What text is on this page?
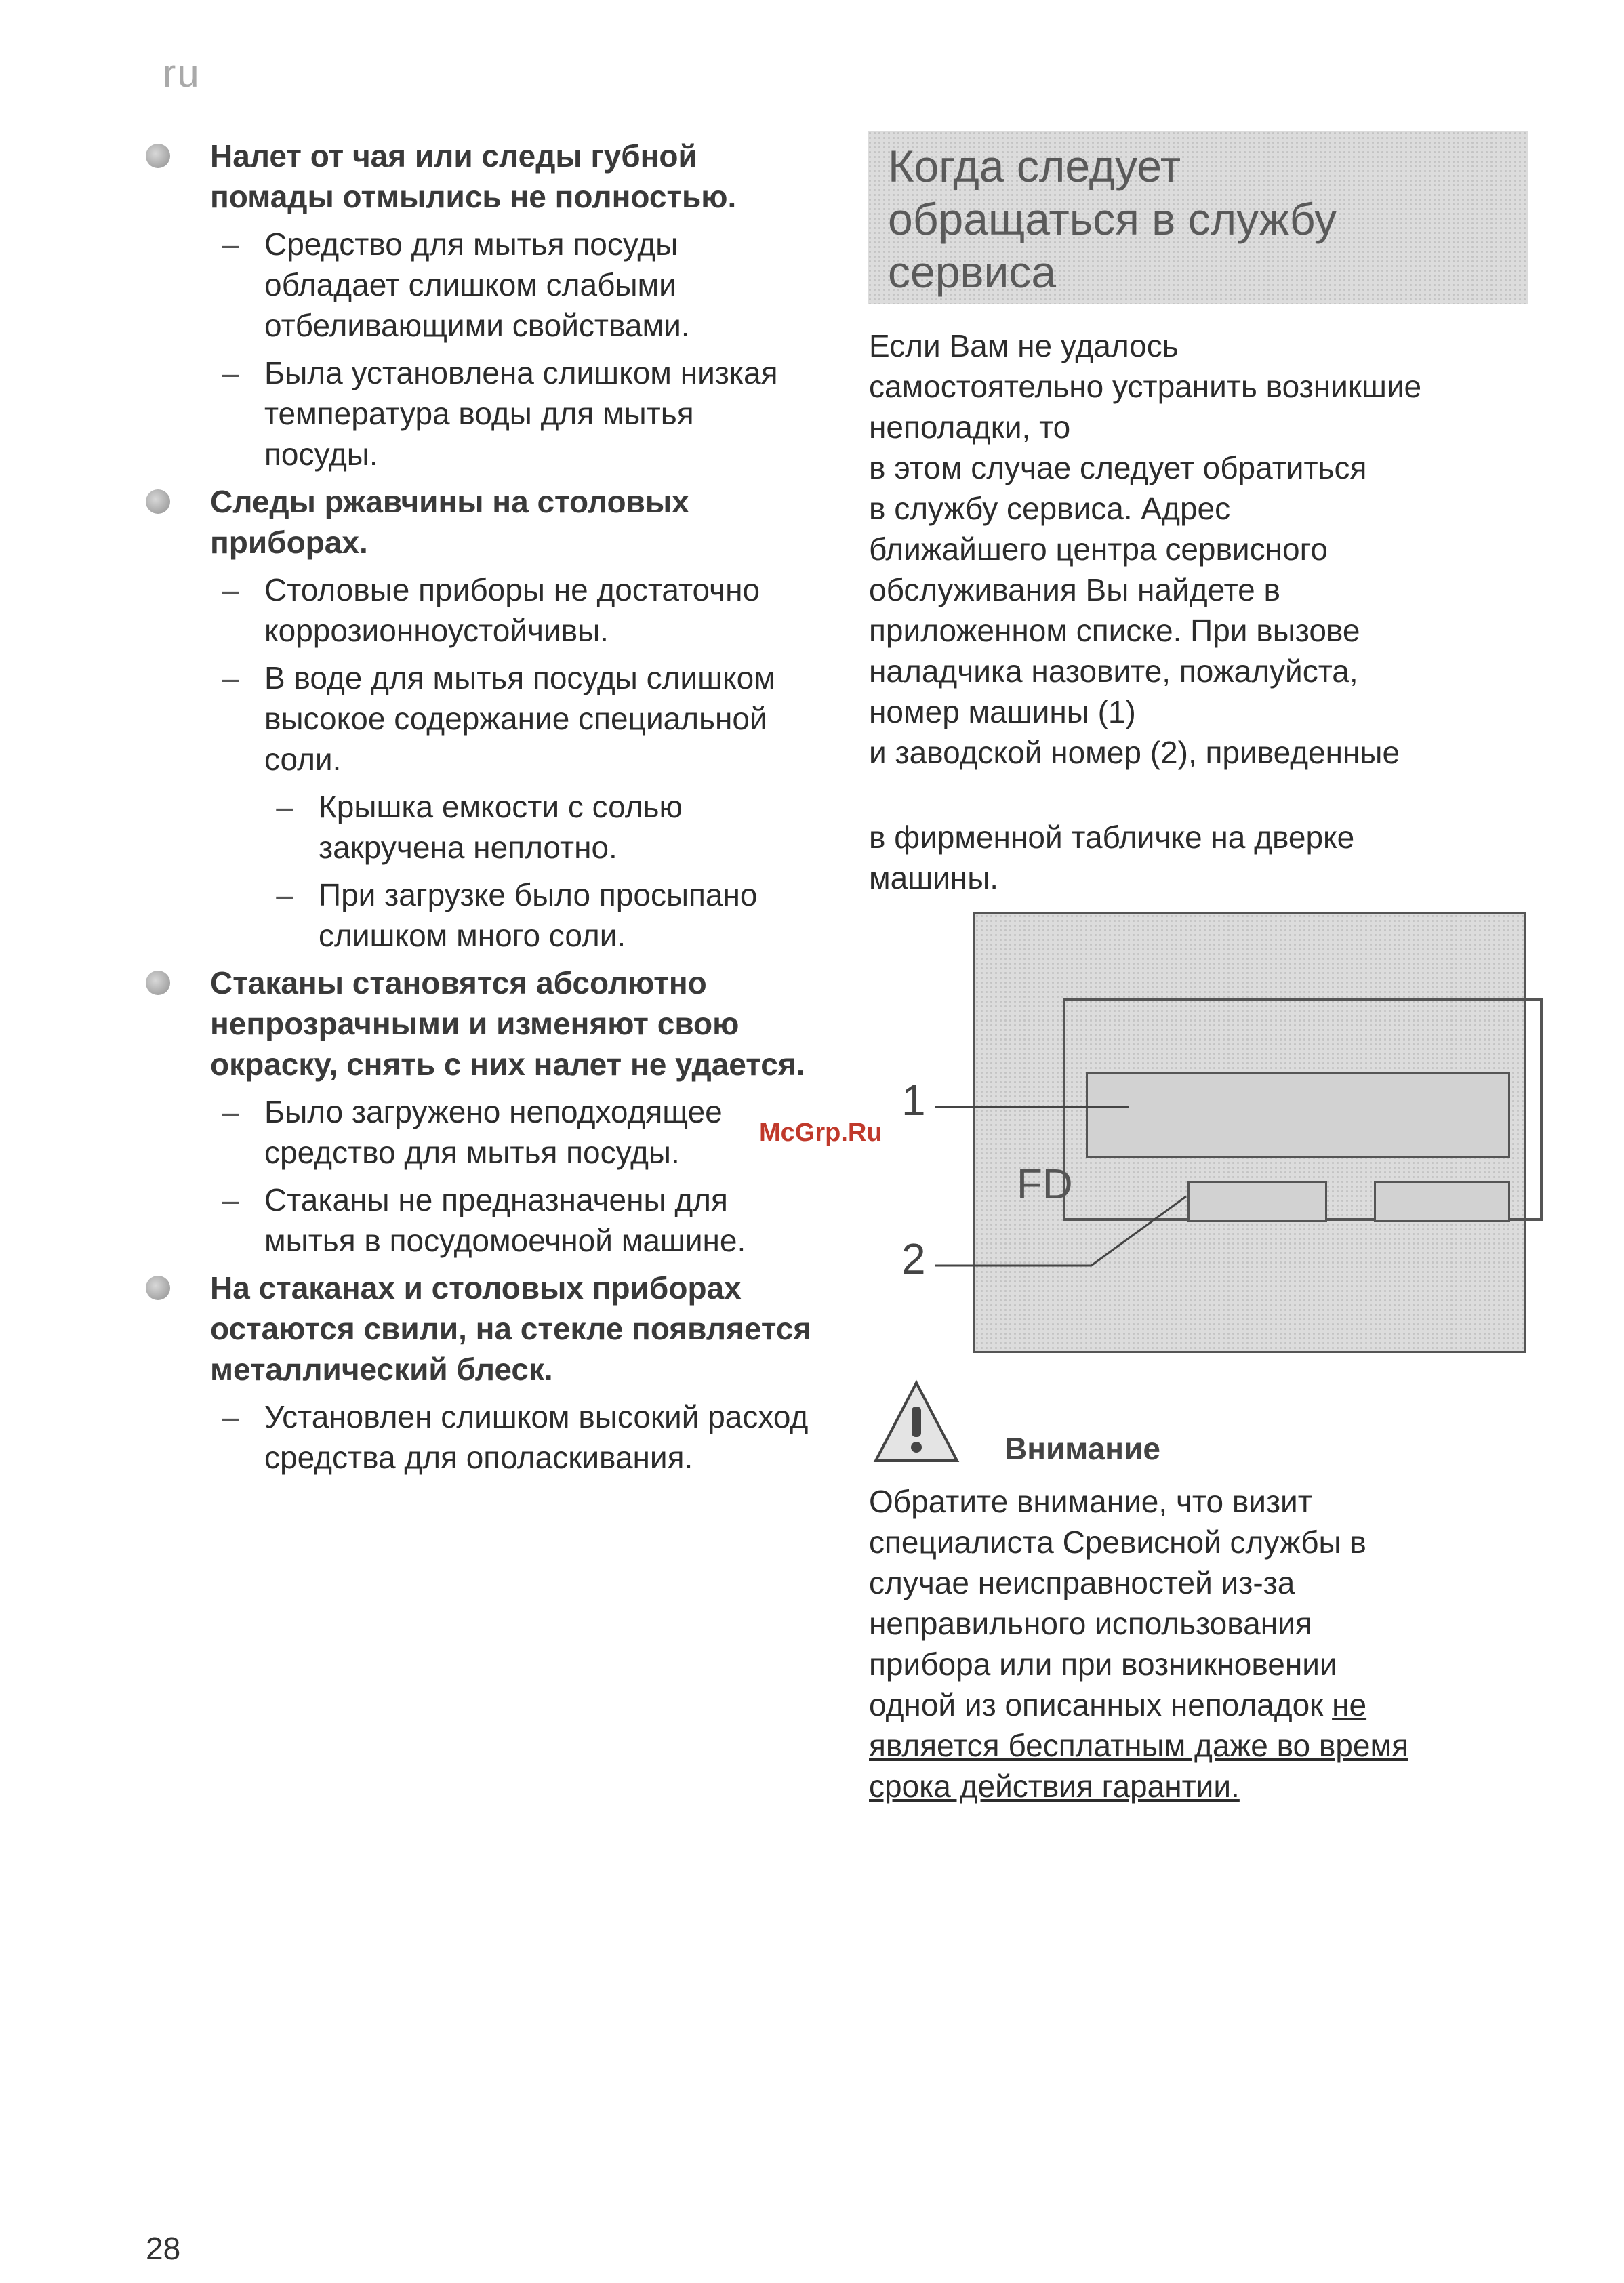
ru
Налет от чая или следы губной помады отмылись не полностью.
– Средство для мытья посуды обладает слишком слабыми отбеливающими свойствами.
– Была установлена слишком низкая температура воды для мытья посуды.
Следы ржавчины на столовых приборах.
– Столовые приборы не достаточно коррозионноустойчивы.
– В воде для мытья посуды слишком высокое содержание специальной соли.
– Крышка емкости с солью закручена неплотно.
– При загрузке было просыпано слишком много соли.
Стаканы становятся абсолютно непрозрачными и изменяют свою окраску, снять с них налет не удается.
– Было загружено неподходящее средство для мытья посуды.
– Стаканы не предназначены для мытья в посудомоечной машине.
На стаканах и столовых приборах остаются свили, на стекле появляется металлический блеск.
– Установлен слишком высокий расход средства для ополаскивания.
Когда следует
обращаться в службу
сервиса
Если Вам не удалось
самостоятельно устранить возникшие
неполадки, то
в этом случае следует обратиться
в службу сервиса. Адрес
ближайшего центра сервисного
обслуживания Вы найдете в
приложенном списке. При вызове
наладчика назовите, пожалуйста,
номер машины (1)
и заводской номер (2), приведенные
в фирменной табличке на дверке
машины.
FD
1
2
Внимание
Обратите внимание, что визит
специалиста Сревисной службы в
случае неисправностей из-за
неправильного использования
прибора или при возникновении
одной из описанных неполадок не
является бесплатным даже во время
срока действия гарантии.
McGrp.Ru
28
